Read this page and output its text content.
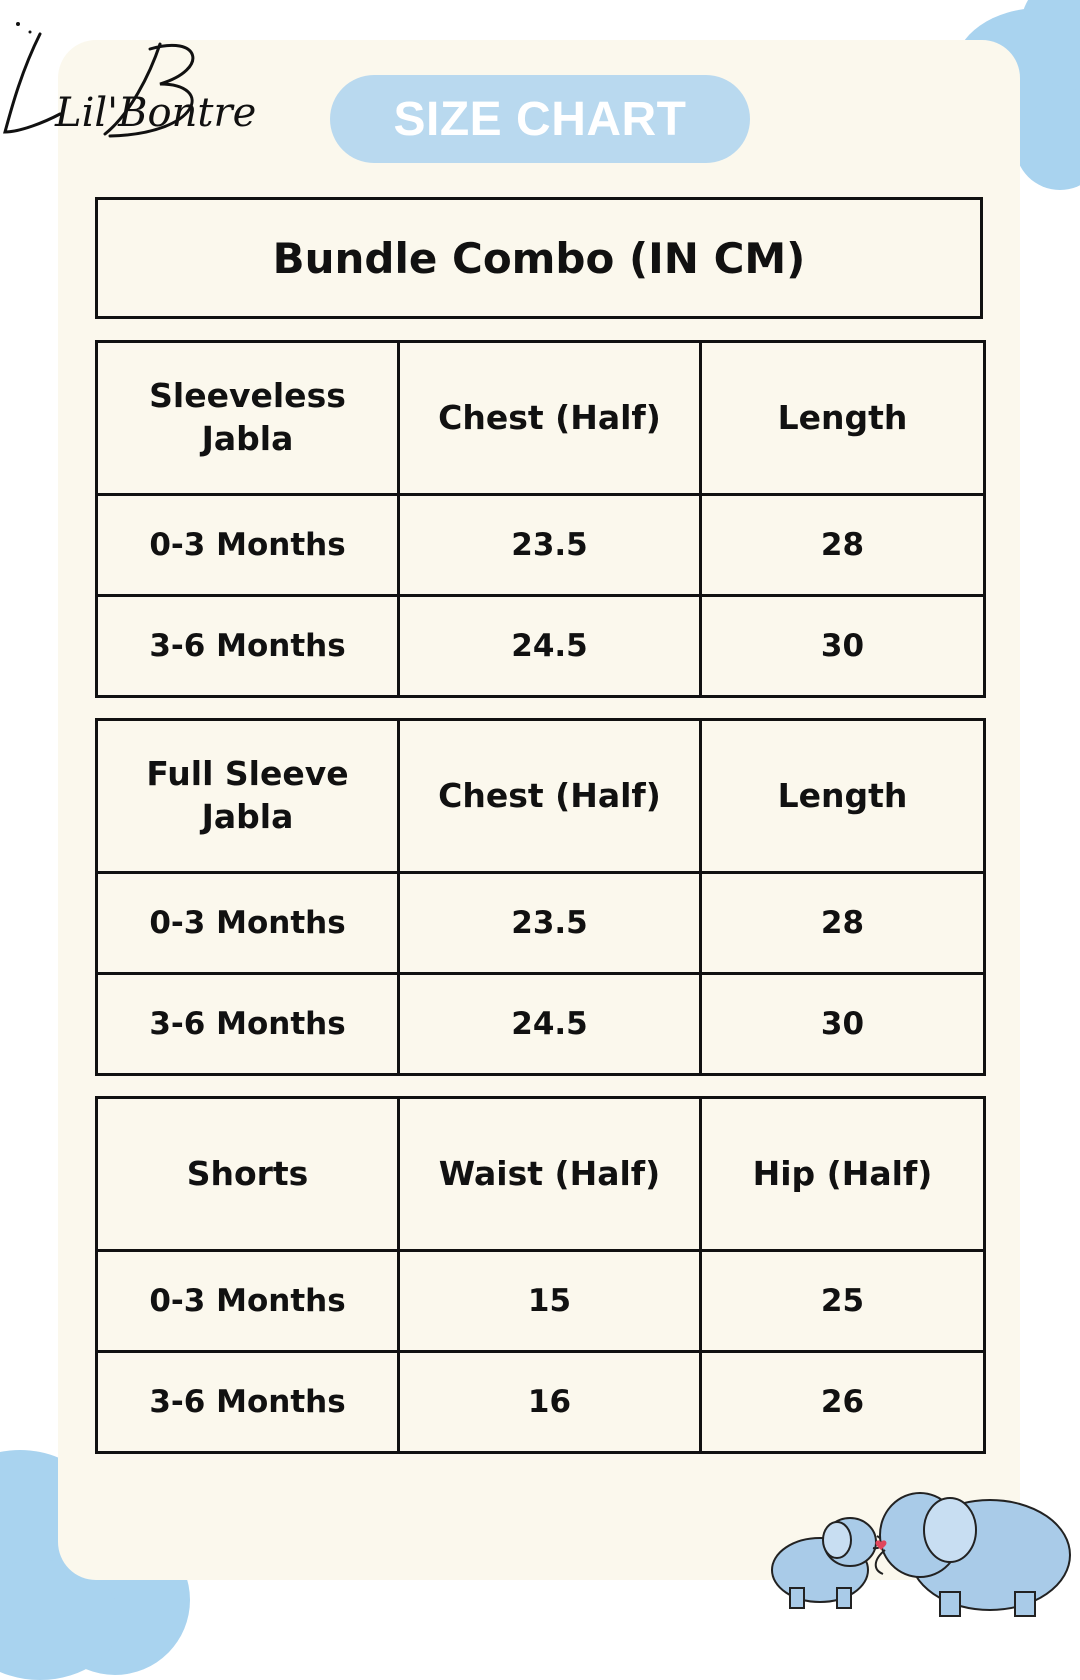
Lil'Bontre	SIZE CHART
Bundle Combo (IN CM)
Sleeveless Jabla	Chest (Half)	Length
0-3 Months	23.5	28
3-6 Months	24.5	30
Full Sleeve Jabla	Chest (Half)	Length
0-3 Months	23.5	28
3-6 Months	24.5	30
Shorts	Waist (Half)	Hip (Half)
0-3 Months	15	25
3-6 Months	16	26
